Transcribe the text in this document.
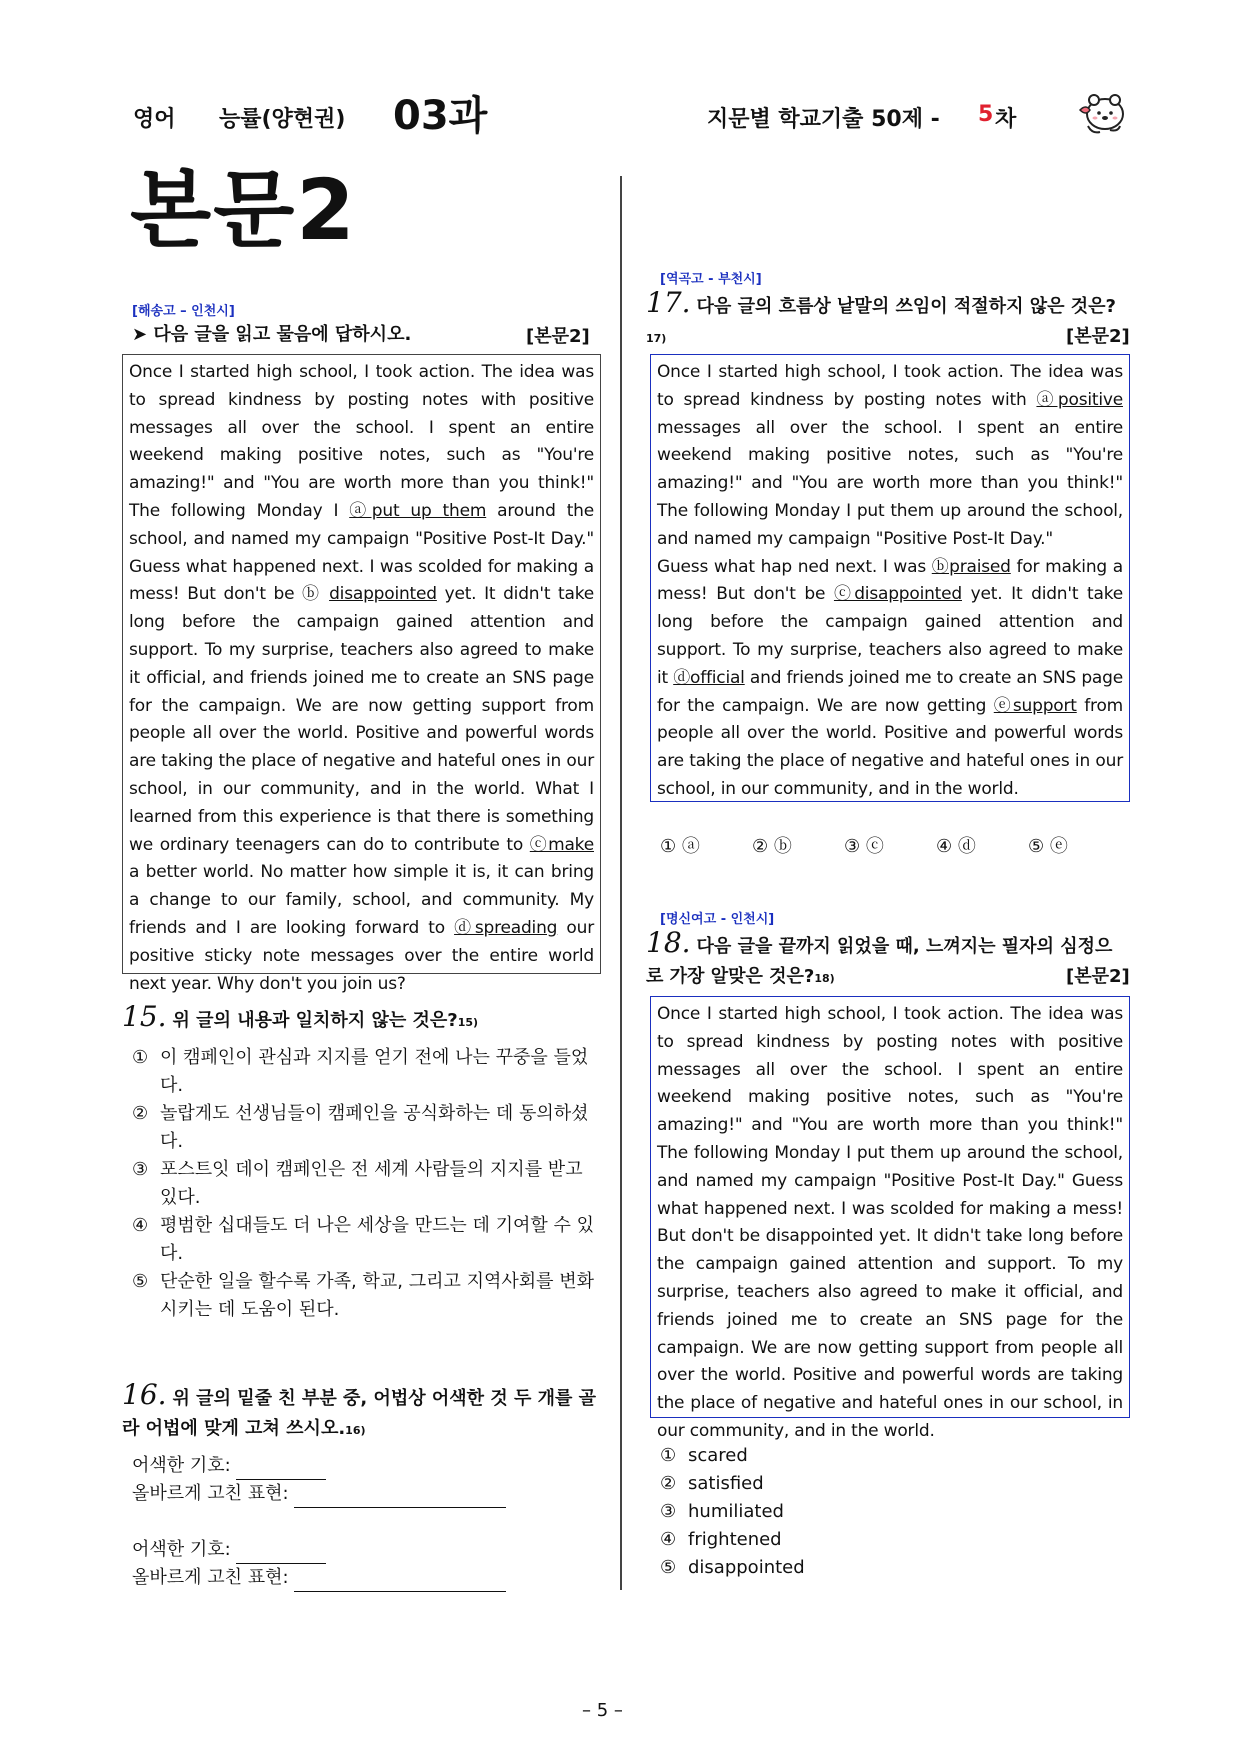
영어 능률(양현권) 03과	지문별 학교기출 50제 - 5 차
본문2
[해송고 – 인천시]
➤ 다음 글을 읽고 물음에 답하시오.	[본문2]
Once I started high school, I took action. The idea was to spread kindness by posting notes with positive messages all over the school. I spent an entire weekend making positive notes, such as "You're amazing!" and "You are worth more than you think!" The following Monday I ⓐput up them around the school, and named my campaign "Positive Post-It Day." Guess what happened next. I was scolded for making a mess! But don't be ⓑ disappointed yet. It didn't take long before the campaign gained attention and support. To my surprise, teachers also agreed to make it official, and friends joined me to create an SNS page for the campaign. We are now getting support from people all over the world. Positive and powerful words are taking the place of negative and hateful ones in our school, in our community, and in the world. What I learned from this experience is that there is something we ordinary teenagers can do to contribute to ⓒmake a better world. No matter how simple it is, it can bring a change to our family, school, and community. My friends and I are looking forward to ⓓspreading our positive sticky note messages over the entire world next year. Why don't you join us?
15. 위 글의 내용과 일치하지 않는 것은?15)
① 이 캠페인이 관심과 지지를 얻기 전에 나는 꾸중을 들었다.
② 놀랍게도 선생님들이 캠페인을 공식화하는 데 동의하셨다.
③ 포스트잇 데이 캠페인은 전 세계 사람들의 지지를 받고 있다.
④ 평범한 십대들도 더 나은 세상을 만드는 데 기여할 수 있다.
⑤ 단순한 일을 할수록 가족, 학교, 그리고 지역사회를 변화시키는 데 도움이 된다.
16. 위 글의 밑줄 친 부분 중, 어법상 어색한 것 두 개를 골라 어법에 맞게 고쳐 쓰시오.16)
어색한 기호:
올바르게 고친 표현:
어색한 기호:
올바르게 고친 표현:
[역곡고 - 부천시]
17. 다음 글의 흐름상 낱말의 쓰임이 적절하지 않은 것은?17)	[본문2]
Once I started high school, I took action. The idea was to spread kindness by posting notes with ⓐpositive messages all over the school. I spent an entire weekend making positive notes, such as "You're amazing!" and "You are worth more than you think!" The following Monday I put them up around the school, and named my campaign "Positive Post-It Day."
Guess what hap ned next. I was ⓑpraised for making a mess! But don't be ⓒdisappointed yet. It didn't take long before the campaign gained attention and support. To my surprise, teachers also agreed to make it ⓓofficial and friends joined me to create an SNS page for the campaign. We are now getting ⓔsupport from people all over the world. Positive and powerful words are taking the place of negative and hateful ones in our school, in our community, and in the world.
① ⓐ	② ⓑ	③ ⓒ	④ ⓓ	⑤ ⓔ
[명신여고 - 인천시]
18. 다음 글을 끝까지 읽었을 때, 느껴지는 필자의 심정으로 가장 알맞은 것은?18)	[본문2]
Once I started high school, I took action. The idea was to spread kindness by posting notes with positive messages all over the school. I spent an entire weekend making positive notes, such as "You're amazing!" and "You are worth more than you think!" The following Monday I put them up around the school, and named my campaign "Positive Post-It Day." Guess what happened next. I was scolded for making a mess! But don't be disappointed yet. It didn't take long before the campaign gained attention and support. To my surprise, teachers also agreed to make it official, and friends joined me to create an SNS page for the campaign. We are now getting support from people all over the world. Positive and powerful words are taking the place of negative and hateful ones in our school, in our community, and in the world.
① scared
② satisfied
③ humiliated
④ frightened
⑤ disappointed
– 5 –
